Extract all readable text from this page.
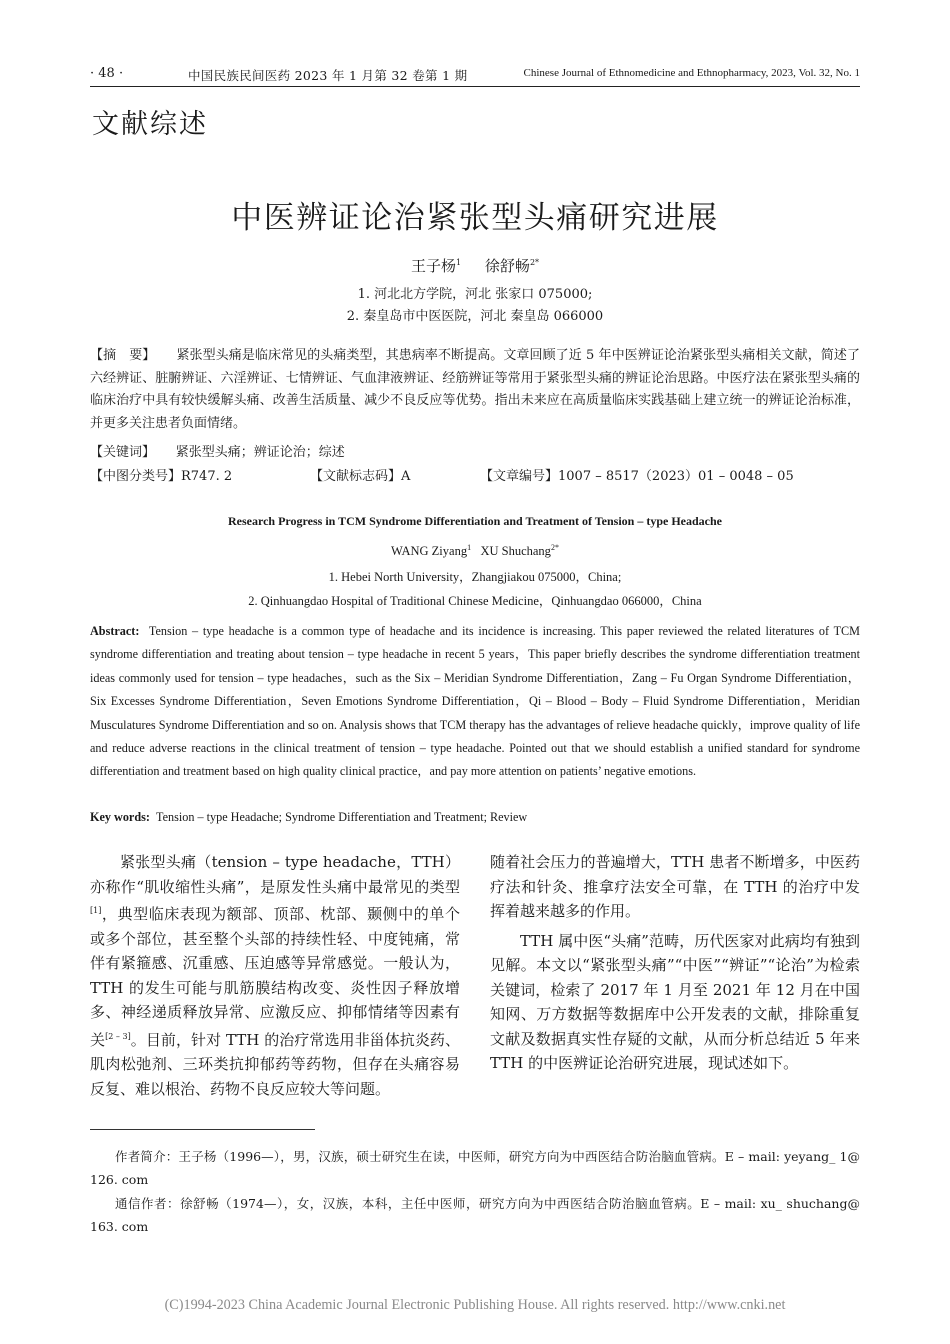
· 48 ·	中国民族民间医药 2023 年 1 月第 32 卷第 1 期	Chinese Journal of Ethnomedicine and Ethnopharmacy, 2023, Vol. 32, No. 1
文献综述
中医辨证论治紧张型头痛研究进展
王子杨$^1$ 徐舒畅$^{2*}$
1. 河北北方学院，河北 张家口 075000;
2. 秦皇岛市中医医院，河北 秦皇岛 066000
【摘　要】 紧张型头痛是临床常见的头痛类型，其患病率不断提高。文章回顾了近 5 年中医辨证论治紧张型头痛相关文献，简述了六经辨证、脏腑辨证、六淫辨证、七情辨证、气血津液辨证、经筋辨证等常用于紧张型头痛的辨证论治思路。中医疗法在紧张型头痛的临床治疗中具有较快缓解头痛、改善生活质量、减少不良反应等优势。指出未来应在高质量临床实践基础上建立统一的辨证论治标准，并更多关注患者负面情绪。
【关键词】 紧张型头痛；辨证论治；综述
【中图分类号】R747. 2	【文献标志码】A	【文章编号】1007 – 8517（2023）01 – 0048 – 05
Research Progress in TCM Syndrome Differentiation and Treatment of Tension – type Headache
WANG Ziyang$^1$ XU Shuchang$^{2*}$
1. Hebei North University，Zhangjiakou 075000，China;
2. Qinhuangdao Hospital of Traditional Chinese Medicine，Qinhuangdao 066000，China
Abstract: Tension – type headache is a common type of headache and its incidence is increasing. This paper reviewed the related literatures of TCM syndrome differentiation and treating about tension – type headache in recent 5 years，This paper briefly describes the syndrome differentiation treatment ideas commonly used for tension – type headaches，such as the Six – Meridian Syndrome Differentiation，Zang – Fu Organ Syndrome Differentiation，Six Excesses Syndrome Differentiation，Seven Emotions Syndrome Differentiation，Qi – Blood – Body – Fluid Syndrome Differentiation，Meridian Musculatures Syndrome Differentiation and so on. Analysis shows that TCM therapy has the advantages of relieve headache quickly，improve quality of life and reduce adverse reactions in the clinical treatment of tension – type headache. Pointed out that we should establish a unified standard for syndrome differentiation and treatment based on high quality clinical practice，and pay more attention on patients’ negative emotions.
Key words: Tension – type Headache; Syndrome Differentiation and Treatment; Review

紧张型头痛（tension – type headache，TTH）亦称作“肌收缩性头痛”，是原发性头痛中最常见的类型[1]，典型临床表现为额部、顶部、枕部、颞侧中的单个或多个部位，甚至整个头部的持续性轻、中度钝痛，常伴有紧箍感、沉重感、压迫感等异常感觉。一般认为，TTH 的发生可能与肌筋膜结构改变、炎性因子释放增多、神经递质释放异常、应激反应、抑郁情绪等因素有关[2 – 3]。目前，针对 TTH 的治疗常选用非甾体抗炎药、肌肉松弛剂、三环类抗抑郁药等药物，但存在头痛容易反复、难以根治、药物不良反应较大等问题。

随着社会压力的普遍增大，TTH 患者不断增多，中医药疗法和针灸、推拿疗法安全可靠，在 TTH 的治疗中发挥着越来越多的作用。

TTH 属中医“头痛”范畴，历代医家对此病均有独到见解。本文以“紧张型头痛”“中医”“辨证”“论治”为检索关键词，检索了 2017 年 1 月至 2021 年 12 月在中国知网、万方数据等数据库中公开发表的文献，排除重复文献及数据真实性存疑的文献，从而分析总结近 5 年来 TTH 的中医辨证论治研究进展，现试述如下。

作者简介：王子杨（1996—），男，汉族，硕士研究生在读，中医师，研究方向为中西医结合防治脑血管病。E – mail: yeyang_ 1@ 126. com
通信作者：徐舒畅（1974—），女，汉族，本科，主任中医师，研究方向为中西医结合防治脑血管病。E – mail: xu_ shuchang@ 163. com
(C)1994-2023 China Academic Journal Electronic Publishing House. All rights reserved. http://www.cnki.net
